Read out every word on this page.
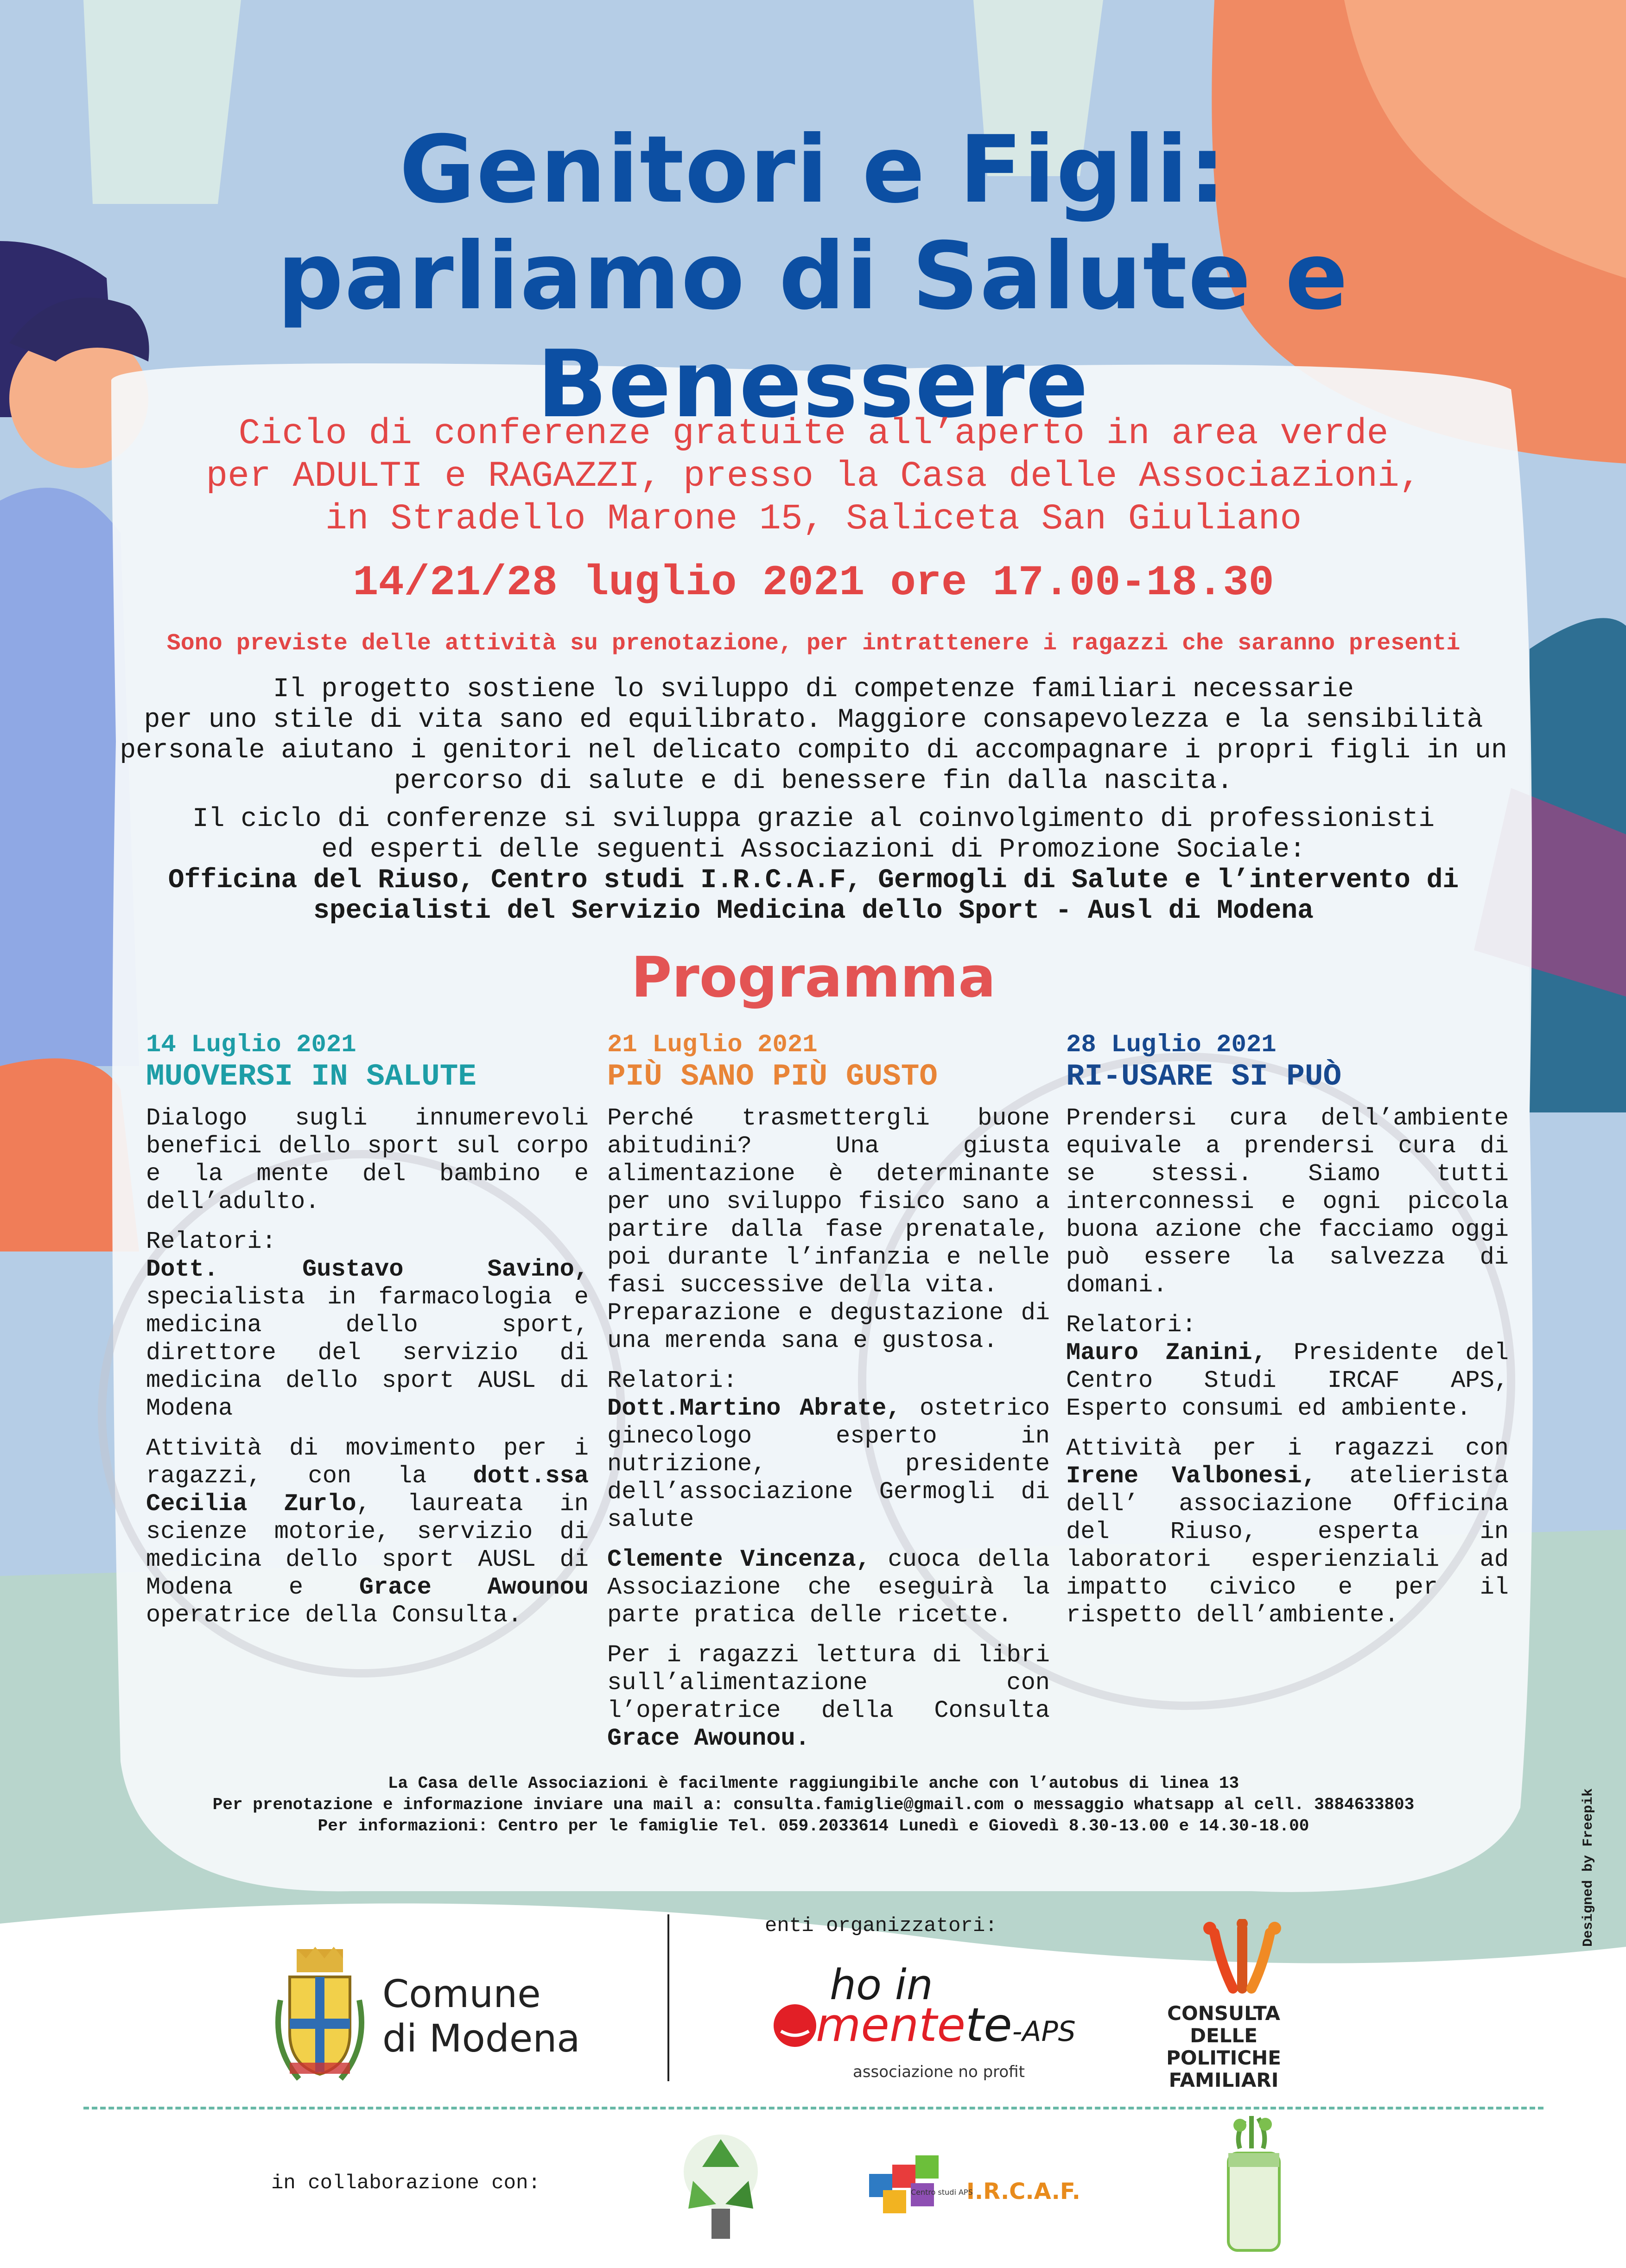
Genitori e Figli:
parliamo di Salute e Benessere
Ciclo di conferenze gratuite all’aperto in area verde
per ADULTI e RAGAZZI, presso la Casa delle Associazioni,
in Stradello Marone 15, Saliceta San Giuliano
14/21/28 luglio 2021 ore 17.00-18.30
Sono previste delle attività su prenotazione, per intrattenere i ragazzi che saranno presenti
Il progetto sostiene lo sviluppo di competenze familiari necessarie
per uno stile di vita sano ed equilibrato. Maggiore consapevolezza e la sensibilità
personale aiutano i genitori nel delicato compito di accompagnare i propri figli in un
percorso di salute e di benessere fin dalla nascita.
Il ciclo di conferenze si sviluppa grazie al coinvolgimento di professionisti
ed esperti delle seguenti Associazioni di Promozione Sociale:
Officina del Riuso, Centro studi I.R.C.A.F, Germogli di Salute e l’intervento di
specialisti del Servizio Medicina dello Sport - Ausl di Modena
Programma
14 Luglio 2021
MUOVERSI IN SALUTE

Dialogo sugli innumerevoli benefici dello sport sul corpo e la mente del bambino e dell’adulto.

Relatori:

Dott. Gustavo Savino, specialista in farmacologia e medicina dello sport, direttore del servizio di medicina dello sport AUSL di Modena

Attività di movimento per i ragazzi, con la dott.ssa Cecilia Zurlo, laureata in scienze motorie, servizio di medicina dello sport AUSL di Modena e Grace Awounou operatrice della Consulta.

21 Luglio 2021
PIÙ SANO PIÙ GUSTO

Perché trasmettergli buone abitudini? Una giusta alimentazione è determinante per uno sviluppo fisico sano a partire dalla fase prenatale, poi durante l’infanzia e nelle fasi successive della vita.

Preparazione e degustazione di una merenda sana e gustosa.

Relatori:

Dott.Martino Abrate, ostetrico ginecologo esperto in nutrizione, presidente dell’associazione Germogli di salute

Clemente Vincenza, cuoca della Associazione che eseguirà la parte pratica delle ricette.

Per i ragazzi lettura di libri sull’alimentazione con l’operatrice della Consulta Grace Awounou.

28 Luglio 2021
RI-USARE SI PUÒ

Prendersi cura dell’ambiente equivale a prendersi cura di se stessi. Siamo tutti interconnessi e ogni piccola buona azione che facciamo oggi può essere la salvezza di domani.

Relatori:

Mauro Zanini, Presidente del Centro Studi IRCAF APS, Esperto consumi ed ambiente.

Attività per i ragazzi con Irene Valbonesi, atelierista dell’ associazione Officina del Riuso, esperta in laboratori esperienziali ad impatto civico e per il rispetto dell’ambiente.

La Casa delle Associazioni è facilmente raggiungibile anche con l’autobus di linea 13
Per prenotazione e informazione inviare una mail a: consulta.famiglie@gmail.com o messaggio whatsapp al cell. 3884633803
Per informazioni: Centro per le famiglie Tel. 059.2033614 Lunedì e Giovedì 8.30-13.00 e 14.30-18.00	Designed by Freepik
enti organizzatori:
Comune
di Modena
ho in
mentete-APS
associazione no profit
CONSULTA
DELLE POLITICHE
FAMILIARI
in collaborazione con:	I.R.C.A.F.
Centro studi APS
